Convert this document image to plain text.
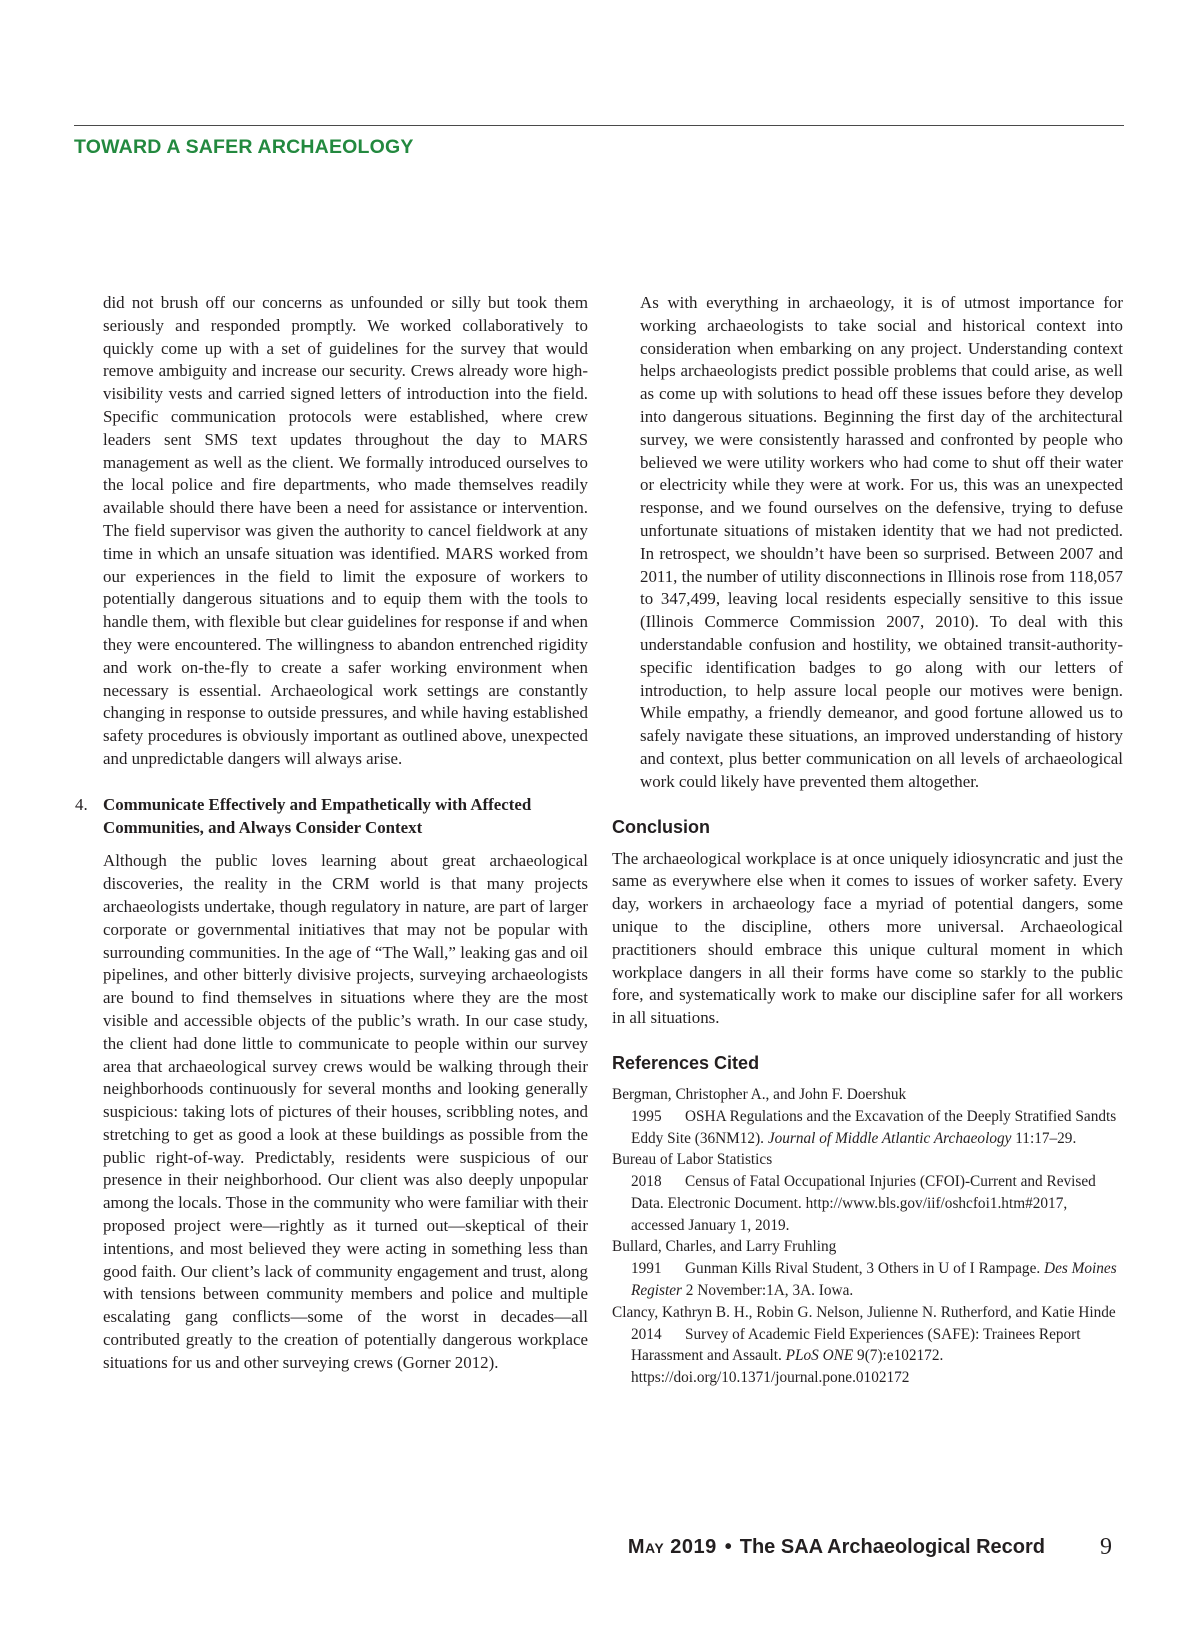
TOWARD A SAFER ARCHAEOLOGY

did not brush off our concerns as unfounded or silly but took them seriously and responded promptly. We worked collaboratively to quickly come up with a set of guidelines for the survey that would remove ambiguity and increase our security. Crews already wore high-visibility vests and carried signed letters of introduction into the field. Specific communication protocols were established, where crew leaders sent SMS text updates throughout the day to MARS management as well as the client. We formally introduced ourselves to the local police and fire departments, who made themselves readily available should there have been a need for assistance or intervention. The field supervisor was given the authority to cancel fieldwork at any time in which an unsafe situation was identified. MARS worked from our experiences in the field to limit the exposure of workers to potentially dangerous situations and to equip them with the tools to handle them, with flexible but clear guidelines for response if and when they were encountered. The willingness to abandon entrenched rigidity and work on-the-fly to create a safer working environment when necessary is essential. Archaeological work settings are constantly changing in response to outside pressures, and while having established safety procedures is obviously important as outlined above, unexpected and unpredictable dangers will always arise.

4. Communicate Effectively and Empathetically with Affected Communities, and Always Consider Context

Although the public loves learning about great archaeological discoveries, the reality in the CRM world is that many projects archaeologists undertake, though regulatory in nature, are part of larger corporate or governmental initiatives that may not be popular with surrounding communities. In the age of “The Wall,” leaking gas and oil pipelines, and other bitterly divisive projects, surveying archaeologists are bound to find themselves in situations where they are the most visible and accessible objects of the public’s wrath. In our case study, the client had done little to communicate to people within our survey area that archaeological survey crews would be walking through their neighborhoods continuously for several months and looking generally suspicious: taking lots of pictures of their houses, scribbling notes, and stretching to get as good a look at these buildings as possible from the public right-of-way. Predictably, residents were suspicious of our presence in their neighborhood. Our client was also deeply unpopular among the locals. Those in the community who were familiar with their proposed project were—rightly as it turned out—skeptical of their intentions, and most believed they were acting in something less than good faith. Our client’s lack of community engagement and trust, along with tensions between community members and police and multiple escalating gang conflicts—some of the worst in decades—all contributed greatly to the creation of potentially dangerous workplace situations for us and other surveying crews (Gorner 2012).

As with everything in archaeology, it is of utmost importance for working archaeologists to take social and historical context into consideration when embarking on any project. Understanding context helps archaeologists predict possible problems that could arise, as well as come up with solutions to head off these issues before they develop into dangerous situations. Beginning the first day of the architectural survey, we were consistently harassed and confronted by people who believed we were utility workers who had come to shut off their water or electricity while they were at work. For us, this was an unexpected response, and we found ourselves on the defensive, trying to defuse unfortunate situations of mistaken identity that we had not predicted. In retrospect, we shouldn’t have been so surprised. Between 2007 and 2011, the number of utility disconnections in Illinois rose from 118,057 to 347,499, leaving local residents especially sensitive to this issue (Illinois Commerce Commission 2007, 2010). To deal with this understandable confusion and hostility, we obtained transit-authority-specific identification badges to go along with our letters of introduction, to help assure local people our motives were benign. While empathy, a friendly demeanor, and good fortune allowed us to safely navigate these situations, an improved understanding of history and context, plus better communication on all levels of archaeological work could likely have prevented them altogether.

Conclusion

The archaeological workplace is at once uniquely idiosyncratic and just the same as everywhere else when it comes to issues of worker safety. Every day, workers in archaeology face a myriad of potential dangers, some unique to the discipline, others more universal. Archaeological practitioners should embrace this unique cultural moment in which workplace dangers in all their forms have come so starkly to the public fore, and systematically work to make our discipline safer for all workers in all situations.

References Cited

Bergman, Christopher A., and John F. Doershuk

1995 OSHA Regulations and the Excavation of the Deeply Stratified Sandts Eddy Site (36NM12). Journal of Middle Atlantic Archaeology 11:17–29.

Bureau of Labor Statistics

2018 Census of Fatal Occupational Injuries (CFOI)-Current and Revised Data. Electronic Document. http://www.bls.gov/iif/oshcfoi1.htm#2017, accessed January 1, 2019.

Bullard, Charles, and Larry Fruhling

1991 Gunman Kills Rival Student, 3 Others in U of I Rampage. Des Moines Register 2 November:1A, 3A. Iowa.

Clancy, Kathryn B. H., Robin G. Nelson, Julienne N. Rutherford, and Katie Hinde

2014 Survey of Academic Field Experiences (SAFE): Trainees Report Harassment and Assault. PLoS ONE 9(7):e102172. https://doi.org/10.1371/journal.pone.0102172

May 2019 • The SAA Archaeological Record 9
